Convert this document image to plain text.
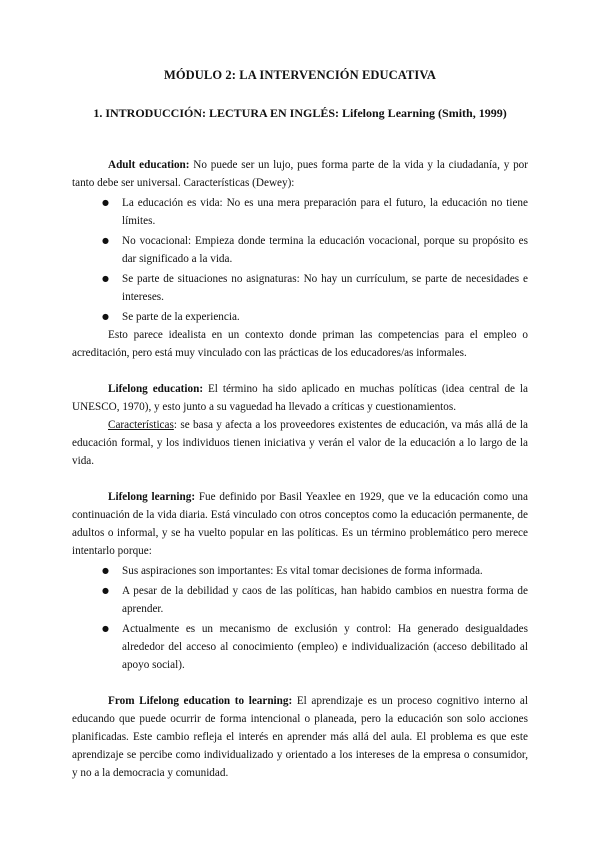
MÓDULO 2: LA INTERVENCIÓN EDUCATIVA
1. INTRODUCCIÓN: LECTURA EN INGLÉS: Lifelong Learning (Smith, 1999)

Adult education: No puede ser un lujo, pues forma parte de la vida y la ciudadanía, y por tanto debe ser universal. Características (Dewey):

● La educación es vida: No es una mera preparación para el futuro, la educación no tiene límites.
● No vocacional: Empieza donde termina la educación vocacional, porque su propósito es dar significado a la vida.
● Se parte de situaciones no asignaturas: No hay un currículum, se parte de necesidades e intereses.
● Se parte de la experiencia.

Esto parece idealista en un contexto donde priman las competencias para el empleo o acreditación, pero está muy vinculado con las prácticas de los educadores/as informales.

Lifelong education: El término ha sido aplicado en muchas políticas (idea central de la UNESCO, 1970), y esto junto a su vaguedad ha llevado a críticas y cuestionamientos.

Características: se basa y afecta a los proveedores existentes de educación, va más allá de la educación formal, y los individuos tienen iniciativa y verán el valor de la educación a lo largo de la vida.

Lifelong learning: Fue definido por Basil Yeaxlee en 1929, que ve la educación como una continuación de la vida diaria. Está vinculado con otros conceptos como la educación permanente, de adultos o informal, y se ha vuelto popular en las políticas. Es un término problemático pero merece intentarlo porque:

● Sus aspiraciones son importantes: Es vital tomar decisiones de forma informada.
● A pesar de la debilidad y caos de las políticas, han habido cambios en nuestra forma de aprender.
● Actualmente es un mecanismo de exclusión y control: Ha generado desigualdades alrededor del acceso al conocimiento (empleo) e individualización (acceso debilitado al apoyo social).

From Lifelong education to learning: El aprendizaje es un proceso cognitivo interno al educando que puede ocurrir de forma intencional o planeada, pero la educación son solo acciones planificadas. Este cambio refleja el interés en aprender más allá del aula. El problema es que este aprendizaje se percibe como individualizado y orientado a los intereses de la empresa o consumidor, y no a la democracia y comunidad.
